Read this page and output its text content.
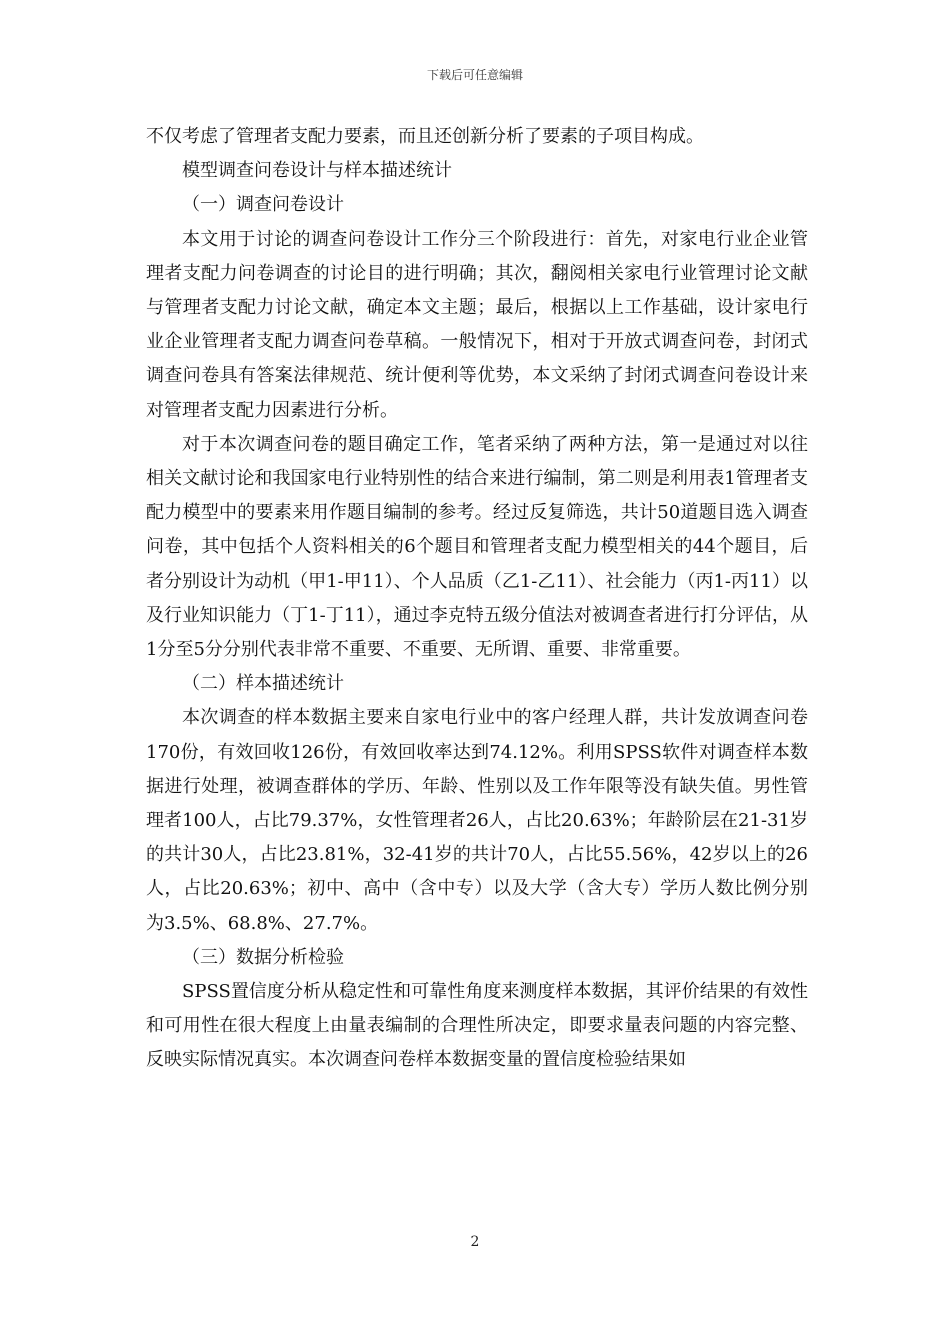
下载后可任意编辑

不仅考虑了管理者支配力要素，而且还创新分析了要素的子项目构成。

模型调查问卷设计与样本描述统计

（一）调查问卷设计

本文用于讨论的调查问卷设计工作分三个阶段进行：首先，对家电行业企业管理者支配力问卷调查的讨论目的进行明确；其次，翻阅相关家电行业管理讨论文献与管理者支配力讨论文献，确定本文主题；最后，根据以上工作基础，设计家电行业企业管理者支配力调查问卷草稿。一般情况下，相对于开放式调查问卷，封闭式调查问卷具有答案法律规范、统计便利等优势，本文采纳了封闭式调查问卷设计来对管理者支配力因素进行分析。

对于本次调查问卷的题目确定工作，笔者采纳了两种方法，第一是通过对以往相关文献讨论和我国家电行业特别性的结合来进行编制，第二则是利用表1管理者支配力模型中的要素来用作题目编制的参考。经过反复筛选，共计50道题目选入调查问卷，其中包括个人资料相关的6个题目和管理者支配力模型相关的44个题目，后者分别设计为动机（甲1-甲11）、个人品质（乙1-乙11）、社会能力（丙1-丙11）以及行业知识能力（丁1-丁11），通过李克特五级分值法对被调查者进行打分评估，从1分至5分分别代表非常不重要、不重要、无所谓、重要、非常重要。

（二）样本描述统计

本次调查的样本数据主要来自家电行业中的客户经理人群，共计发放调查问卷170份，有效回收126份，有效回收率达到74.12%。利用SPSS软件对调查样本数据进行处理，被调查群体的学历、年龄、性别以及工作年限等没有缺失值。男性管理者100人，占比79.37%，女性管理者26人，占比20.63%；年龄阶层在21-31岁的共计30人，占比23.81%，32-41岁的共计70人，占比55.56%，42岁以上的26人，占比20.63%；初中、高中（含中专）以及大学（含大专）学历人数比例分别为3.5%、68.8%、27.7%。

（三）数据分析检验

SPSS置信度分析从稳定性和可靠性角度来测度样本数据，其评价结果的有效性和可用性在很大程度上由量表编制的合理性所决定，即要求量表问题的内容完整、反映实际情况真实。本次调查问卷样本数据变量的置信度检验结果如

2
